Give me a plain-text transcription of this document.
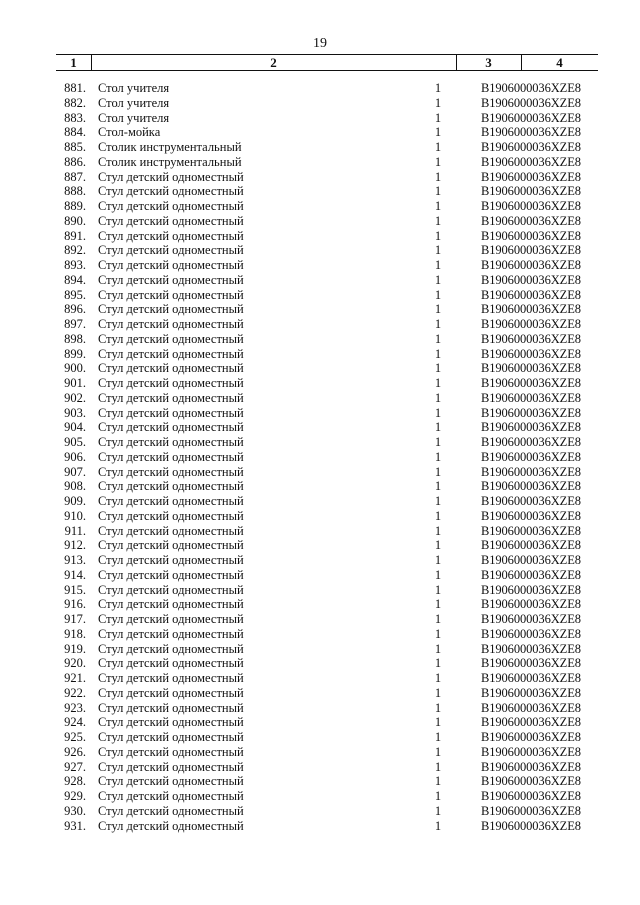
19
1	2	3	4
881. Стол учителя	1	B1906000036XZE8
882. Стол учителя	1	B1906000036XZE8
883. Стол учителя	1	B1906000036XZE8
884. Стол-мойка	1	B1906000036XZE8
885. Столик инструментальный	1	B1906000036XZE8
886. Столик инструментальный	1	B1906000036XZE8
887. Стул детский одноместный	1	B1906000036XZE8
888. Стул детский одноместный	1	B1906000036XZE8
889. Стул детский одноместный	1	B1906000036XZE8
890. Стул детский одноместный	1	B1906000036XZE8
891. Стул детский одноместный	1	B1906000036XZE8
892. Стул детский одноместный	1	B1906000036XZE8
893. Стул детский одноместный	1	B1906000036XZE8
894. Стул детский одноместный	1	B1906000036XZE8
895. Стул детский одноместный	1	B1906000036XZE8
896. Стул детский одноместный	1	B1906000036XZE8
897. Стул детский одноместный	1	B1906000036XZE8
898. Стул детский одноместный	1	B1906000036XZE8
899. Стул детский одноместный	1	B1906000036XZE8
900. Стул детский одноместный	1	B1906000036XZE8
901. Стул детский одноместный	1	B1906000036XZE8
902. Стул детский одноместный	1	B1906000036XZE8
903. Стул детский одноместный	1	B1906000036XZE8
904. Стул детский одноместный	1	B1906000036XZE8
905. Стул детский одноместный	1	B1906000036XZE8
906. Стул детский одноместный	1	B1906000036XZE8
907. Стул детский одноместный	1	B1906000036XZE8
908. Стул детский одноместный	1	B1906000036XZE8
909. Стул детский одноместный	1	B1906000036XZE8
910. Стул детский одноместный	1	B1906000036XZE8
911. Стул детский одноместный	1	B1906000036XZE8
912. Стул детский одноместный	1	B1906000036XZE8
913. Стул детский одноместный	1	B1906000036XZE8
914. Стул детский одноместный	1	B1906000036XZE8
915. Стул детский одноместный	1	B1906000036XZE8
916. Стул детский одноместный	1	B1906000036XZE8
917. Стул детский одноместный	1	B1906000036XZE8
918. Стул детский одноместный	1	B1906000036XZE8
919. Стул детский одноместный	1	B1906000036XZE8
920. Стул детский одноместный	1	B1906000036XZE8
921. Стул детский одноместный	1	B1906000036XZE8
922. Стул детский одноместный	1	B1906000036XZE8
923. Стул детский одноместный	1	B1906000036XZE8
924. Стул детский одноместный	1	B1906000036XZE8
925. Стул детский одноместный	1	B1906000036XZE8
926. Стул детский одноместный	1	B1906000036XZE8
927. Стул детский одноместный	1	B1906000036XZE8
928. Стул детский одноместный	1	B1906000036XZE8
929. Стул детский одноместный	1	B1906000036XZE8
930. Стул детский одноместный	1	B1906000036XZE8
931. Стул детский одноместный	1	B1906000036XZE8
